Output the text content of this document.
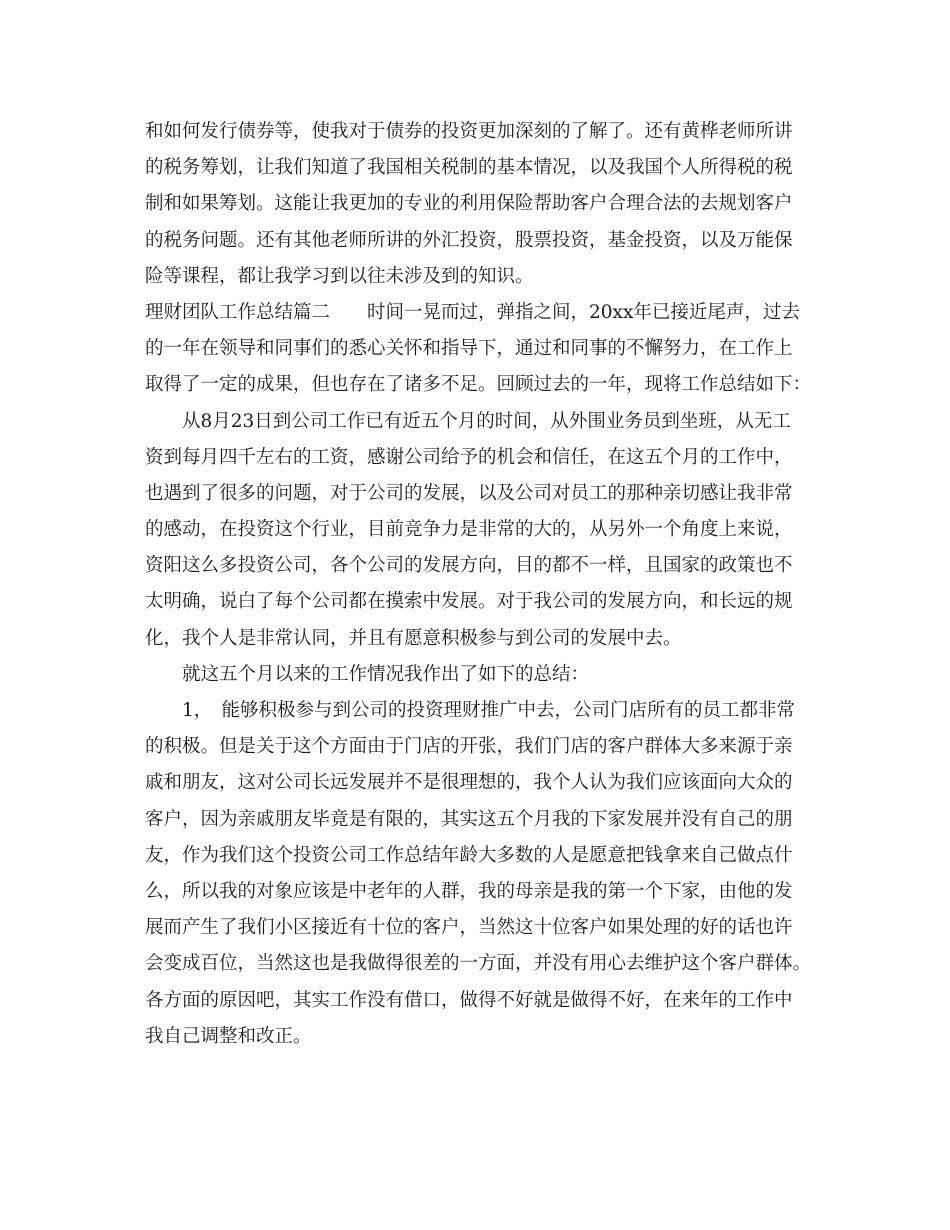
和如何发行债券等，使我对于债券的投资更加深刻的了解了。还有黄桦老师所讲
的税务筹划，让我们知道了我国相关税制的基本情况，以及我国个人所得税的税
制和如果筹划。这能让我更加的专业的利用保险帮助客户合理合法的去规划客户
的税务问题。还有其他老师所讲的外汇投资，股票投资，基金投资，以及万能保
险等课程，都让我学习到以往未涉及到的知识。
理财团队工作总结篇二　　时间一晃而过，弹指之间，20xx年已接近尾声，过去
的一年在领导和同事们的悉心关怀和指导下，通过和同事的不懈努力，在工作上
取得了一定的成果，但也存在了诸多不足。回顾过去的一年，现将工作总结如下：
从8月23日到公司工作已有近五个月的时间，从外围业务员到坐班，从无工
资到每月四千左右的工资，感谢公司给予的机会和信任，在这五个月的工作中，
也遇到了很多的问题，对于公司的发展，以及公司对员工的那种亲切感让我非常
的感动，在投资这个行业，目前竞争力是非常的大的，从另外一个角度上来说，
资阳这么多投资公司，各个公司的发展方向，目的都不一样，且国家的政策也不
太明确，说白了每个公司都在摸索中发展。对于我公司的发展方向，和长远的规
化，我个人是非常认同，并且有愿意积极参与到公司的发展中去。
就这五个月以来的工作情况我作出了如下的总结：
1，　能够积极参与到公司的投资理财推广中去，公司门店所有的员工都非常
的积极。但是关于这个方面由于门店的开张，我们门店的客户群体大多来源于亲
戚和朋友，这对公司长远发展并不是很理想的，我个人认为我们应该面向大众的
客户，因为亲戚朋友毕竟是有限的，其实这五个月我的下家发展并没有自己的朋
友，作为我们这个投资公司工作总结年龄大多数的人是愿意把钱拿来自己做点什
么，所以我的对象应该是中老年的人群，我的母亲是我的第一个下家，由他的发
展而产生了我们小区接近有十位的客户，当然这十位客户如果处理的好的话也许
会变成百位，当然这也是我做得很差的一方面，并没有用心去维护这个客户群体。
各方面的原因吧，其实工作没有借口，做得不好就是做得不好，在来年的工作中
我自己调整和改正。
